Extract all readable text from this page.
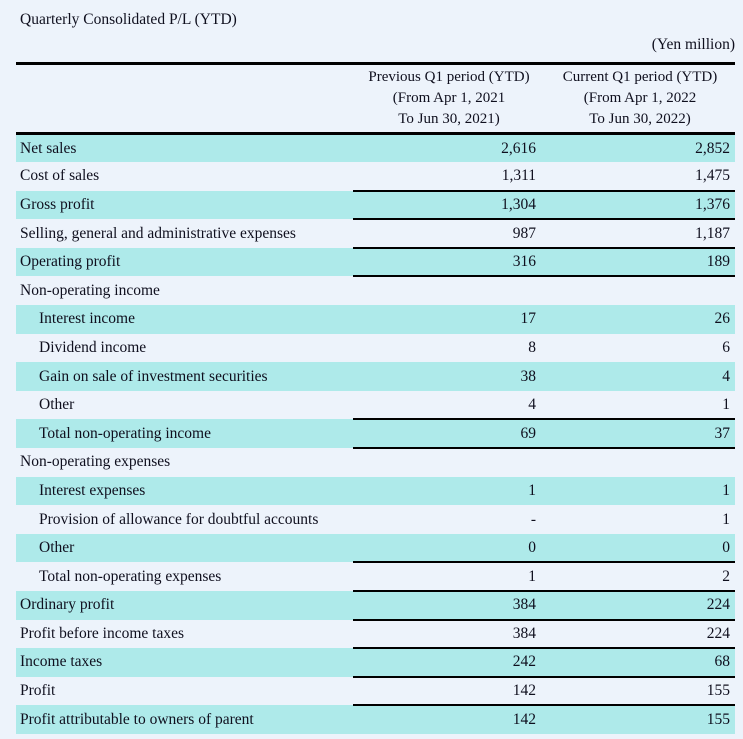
Quarterly Consolidated P/L (YTD)
(Yen million)

Previous Q1 period (YTD)
(From Apr 1, 2021
To Jun 30, 2021)

Current Q1 period (YTD)
(From Apr 1, 2022
To Jun 30, 2022)

Net sales	2,616	2,852
Cost of sales	1,311	1,475
Gross profit	1,304	1,376
Selling, general and administrative expenses	987	1,187
Operating profit	316	189
Non-operating income		
Interest income	17	26
Dividend income	8	6
Gain on sale of investment securities	38	4
Other	4	1
Total non-operating income	69	37
Non-operating expenses		
Interest expenses	1	1
Provision of allowance for doubtful accounts	-	1
Other	0	0
Total non-operating expenses	1	2
Ordinary profit	384	224
Profit before income taxes	384	224
Income taxes	242	68
Profit	142	155
Profit attributable to owners of parent	142	155
